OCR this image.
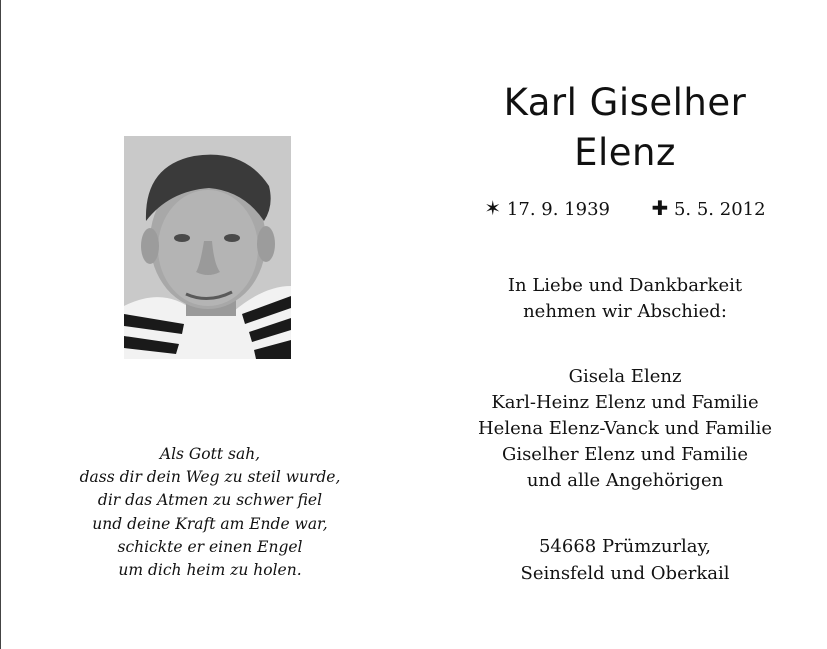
Als Gott sah,
dass dir dein Weg zu steil wurde,
dir das Atmen zu schwer fiel
und deine Kraft am Ende war,
schickte er einen Engel
um dich heim zu holen.
Karl Giselher
Elenz
✶ 17. 9. 1939 ✚ 5. 5. 2012
In Liebe und Dankbarkeit
nehmen wir Abschied:
Gisela Elenz
Karl-Heinz Elenz und Familie
Helena Elenz-Vanck und Familie
Giselher Elenz und Familie
und alle Angehörigen
54668 Prümzurlay,
Seinsfeld und Oberkail
